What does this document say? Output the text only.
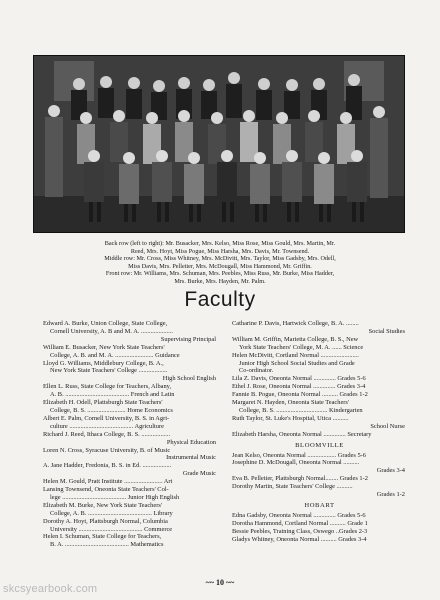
Back row (left to right): Mr. Busacker, Mrs. Kelso, Miss Rose, Miss Gould, Mrs. Martin, Mr.
Reed, Mrs. Hoyt, Miss Pogue, Miss Harsha, Mrs. Davis, Mr. Townsend.
Middle row: Mr. Cross, Miss Whitney, Mrs. McDivitt, Mrs. Taylor, Miss Gadsby, Mrs. Odell,
Miss Davis, Mrs. Pelletier, Mrs. McDougall, Miss Hammond, Mr. Griffin.
Front row: Mr. Williams, Mrs. Schuman, Mrs. Peebles, Miss Russ, Mr. Burke, Miss Hadder,
Mrs. Burke, Mrs. Hayden, Mr. Palm.
Faculty
Edward A. Burke, Union College, State College,
Cornell University, A. B and M. A. ....................
Supervising Principal
William E. Busacker, New York State Teachers'
College, A. B. and M. A. ........................ Guidance
Lloyd G. Williams, Middlebury College, B. A.,
New York State Teachers' College ..................
High School English
Ellen L. Russ, State College for Teachers, Albany,
A. B. ........................................ French and Latin
Elizabeth H. Odell, Plattsburgh State Teachers'
College, B. S. ........................ Home Economics
Albert E. Palm, Cornell University, B. S. in Agri-
culture ........................................ Agriculture
Richard J. Reed, Ithaca College, B. S. ..................
Physical Education
Loren N. Cross, Syracuse University, B. of Music
Instrumental Music
A. Jane Hadder, Fredonia, B. S. in Ed. ..................
Grade Music
Helen M. Gould, Pratt Institute ........................ Art
Lansing Townsend, Oneonta State Teachers' Col-
lege ........................................ Junior High English
Elizabeth M. Burke, New York State Teachers'
College, A. B. ........................................ Library
Dorothy A. Hoyt, Plattsburgh Normal, Columbia
University ........................................ Commerce
Helen I. Schuman, State College for Teachers,
B. A. ........................................ Mathematics
Catharine P. Davis, Hartwick College, B. A. ........
Social Studies
William M. Griffin, Marietta College, B. S., New
York State Teachers' College, M. A. ...... Science
Helen McDivitt, Cortland Normal ........................
Junior High School Social Studies and Grade
Co-ordinator.
Lila Z. Davis, Oneonta Normal .............. Grades 5-6
Ethel J. Rose, Oneonta Normal .............. Grades 3-4
Fannie B. Pogue, Oneonta Normal .......... Grades 1-2
Margaret N. Hayden, Oneonta State Teachers'
College, B. S. ................................ Kindergarten
Ruth Taylor, St. Luke's Hospital, Utica ..........
School Nurse
Elizabeth Harsha, Oneonta Normal .............. Secretary
BLOOMVILLE
Jean Kelso, Oneonta Normal .................. Grades 5-6
Josephine D. McDougall, Oneonta Normal ..........
Grades 3-4
Eva B. Pelletier, Plattsburgh Normal........ Grades 1-2
Dorothy Martin, State Teachers' College ..........
Grades 1-2
HOBART
Edna Gadsby, Oneonta Normal .............. Grades 5-6
Dorotha Hammond, Cortland Normal .......... Grade 1
Bessie Peebles, Training Class, Oswego ..Grades 2-3
Gladys Whitney, Oneonta Normal .......... Grades 3-4
~~ 10 ~~
skcsyearbook.com
